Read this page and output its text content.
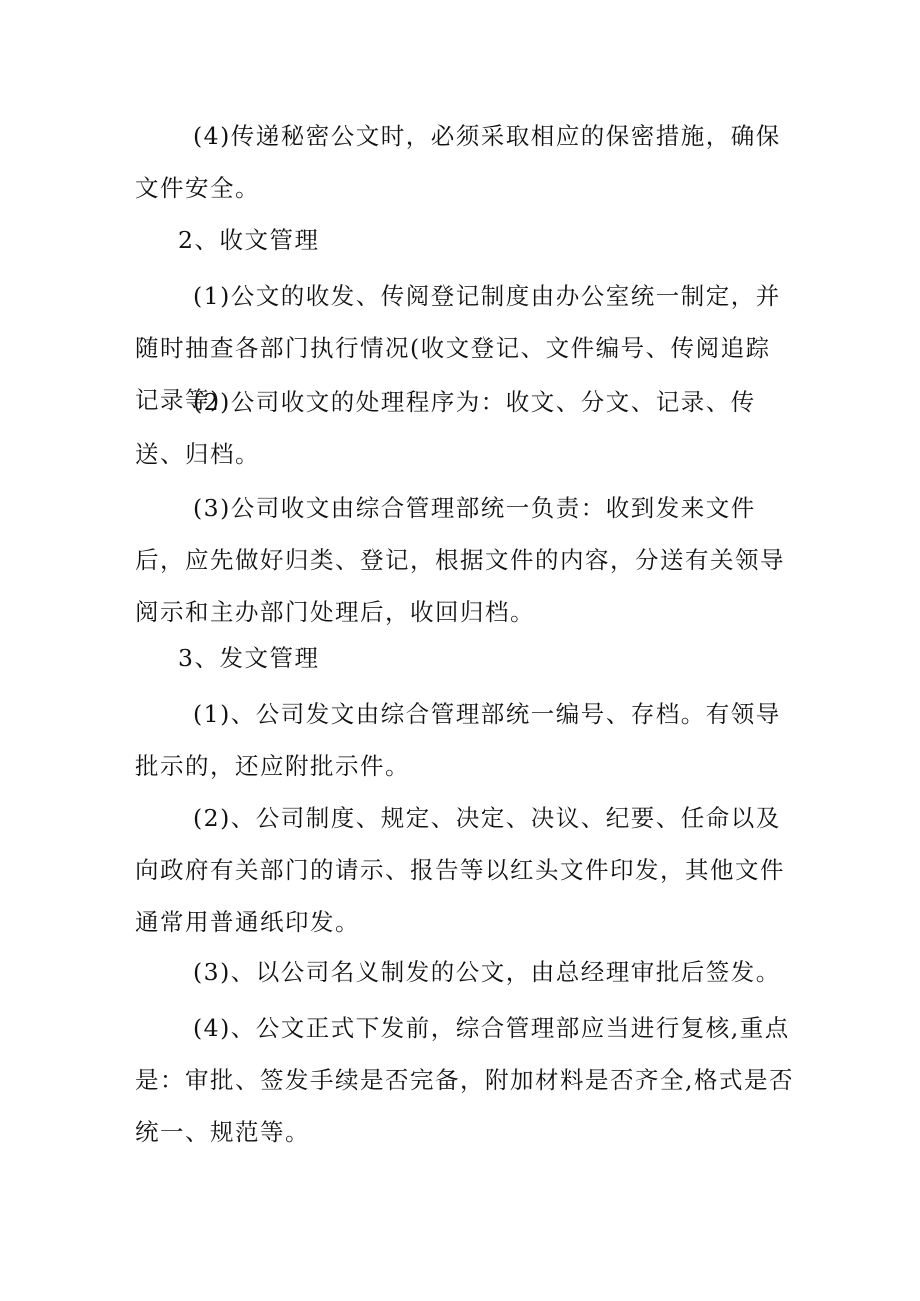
(4)传递秘密公文时，必须采取相应的保密措施，确保文件安全。

2、收文管理

(1)公文的收发、传阅登记制度由办公室统一制定，并随时抽查各部门执行情况(收文登记、文件编号、传阅追踪记录等)

(2)公司收文的处理程序为：收文、分文、记录、传送、归档。

(3)公司收文由综合管理部统一负责：收到发来文件后，应先做好归类、登记，根据文件的内容，分送有关领导阅示和主办部门处理后，收回归档。

3、发文管理

(1)、公司发文由综合管理部统一编号、存档。有领导批示的，还应附批示件。

(2)、公司制度、规定、决定、决议、纪要、任命以及向政府有关部门的请示、报告等以红头文件印发，其他文件通常用普通纸印发。

(3)、以公司名义制发的公文，由总经理审批后签发。

(4)、公文正式下发前，综合管理部应当进行复核,重点是：审批、签发手续是否完备，附加材料是否齐全,格式是否统一、规范等。
